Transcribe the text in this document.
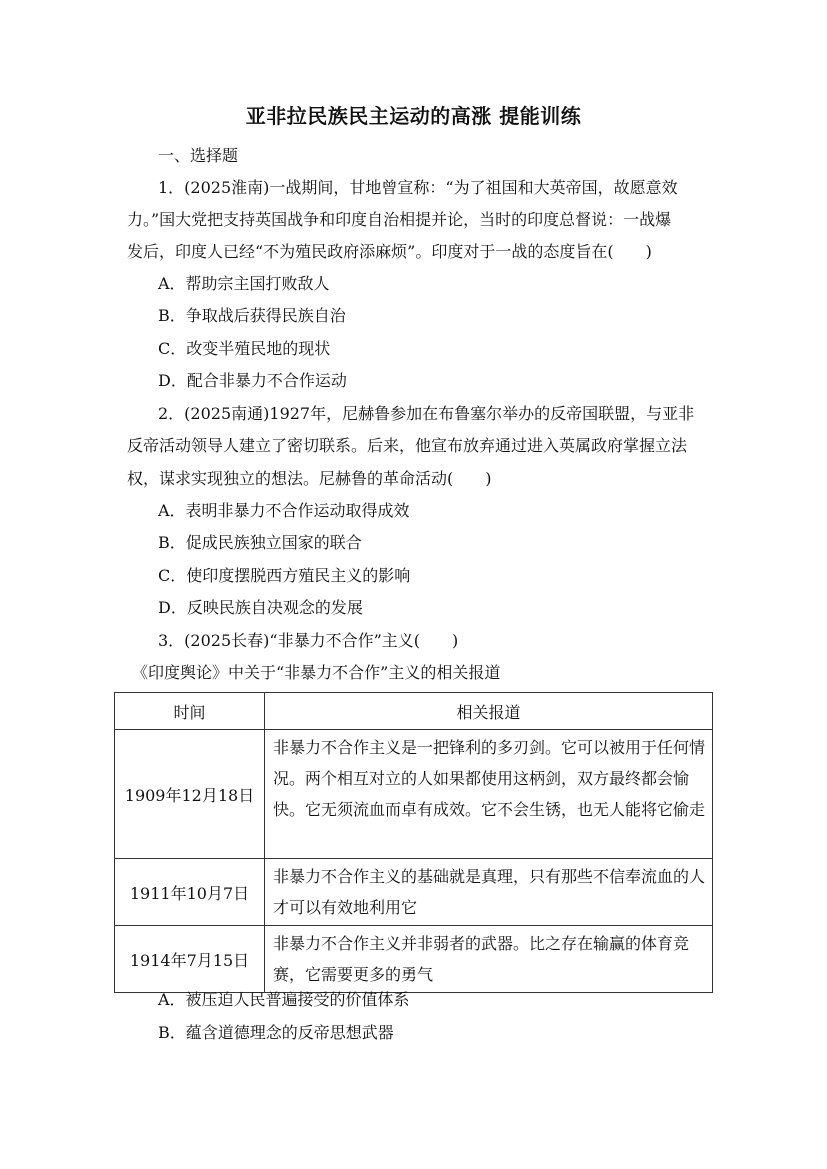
亚非拉民族民主运动的高涨 提能训练
一、选择题
1．(2025淮南)一战期间，甘地曾宣称：“为了祖国和大英帝国，故愿意效
力。”国大党把支持英国战争和印度自治相提并论，当时的印度总督说：一战爆
发后，印度人已经“不为殖民政府添麻烦”。印度对于一战的态度旨在(　　)
A．帮助宗主国打败敌人
B．争取战后获得民族自治
C．改变半殖民地的现状
D．配合非暴力不合作运动
2．(2025南通)1927年，尼赫鲁参加在布鲁塞尔举办的反帝国联盟，与亚非
反帝活动领导人建立了密切联系。后来，他宣布放弃通过进入英属政府掌握立法
权，谋求实现独立的想法。尼赫鲁的革命活动(　　)
A．表明非暴力不合作运动取得成效
B．促成民族独立国家的联合
C．使印度摆脱西方殖民主义的影响
D．反映民族自决观念的发展
3．(2025长春)“非暴力不合作”主义(　　)
《印度舆论》中关于“非暴力不合作”主义的相关报道
时间	相关报道
1909年12月18日	非暴力不合作主义是一把锋利的多刃剑。它可以被用于任何情况。两个相互对立的人如果都使用这柄剑，双方最终都会愉快。它无须流血而卓有成效。它不会生锈，也无人能将它偷走
1911年10月7日	非暴力不合作主义的基础就是真理，只有那些不信奉流血的人才可以有效地利用它
1914年7月15日	非暴力不合作主义并非弱者的武器。比之存在输赢的体育竞赛，它需要更多的勇气
A．被压迫人民普遍接受的价值体系
B．蕴含道德理念的反帝思想武器
